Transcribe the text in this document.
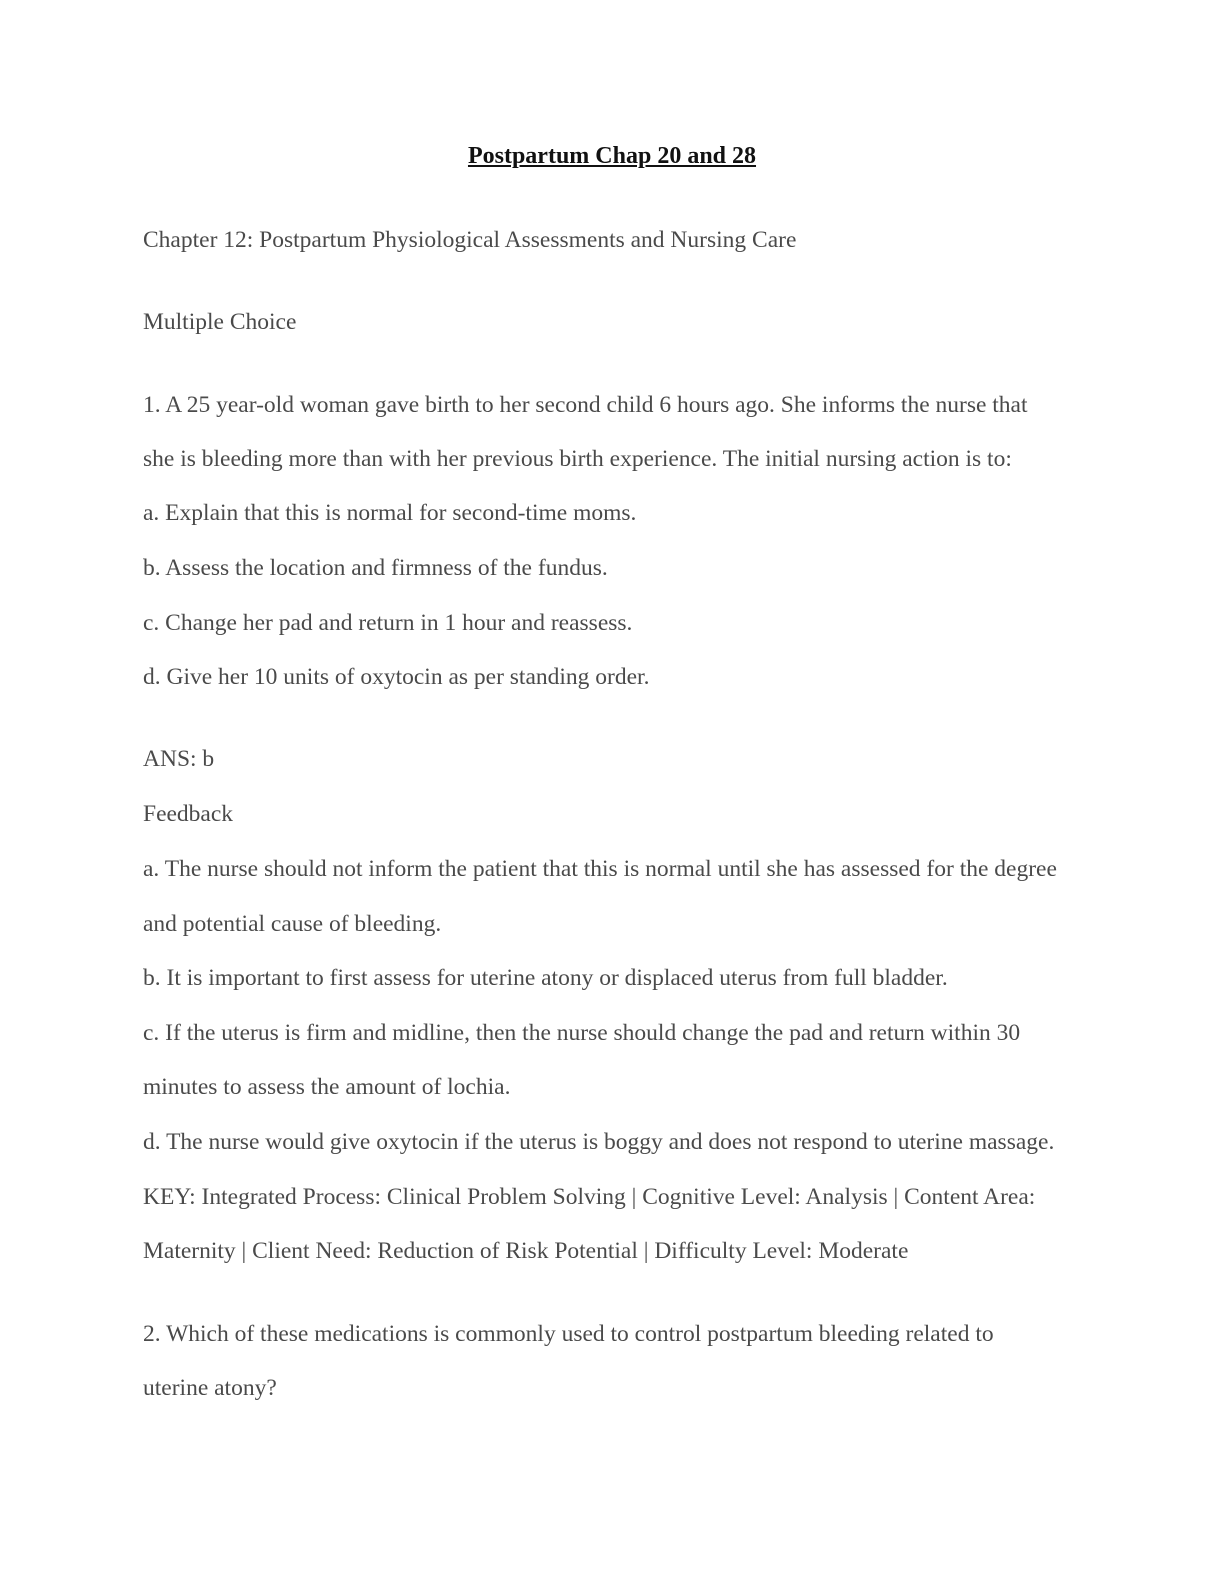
Postpartum Chap 20 and 28

Chapter 12: Postpartum Physiological Assessments and Nursing Care

Multiple Choice

1. A 25 year-old woman gave birth to her second child 6 hours ago. She informs the nurse that

she is bleeding more than with her previous birth experience. The initial nursing action is to:

a. Explain that this is normal for second-time moms.

b. Assess the location and firmness of the fundus.

c. Change her pad and return in 1 hour and reassess.

d. Give her 10 units of oxytocin as per standing order.

ANS: b

Feedback

a. The nurse should not inform the patient that this is normal until she has assessed for the degree

and potential cause of bleeding.

b. It is important to first assess for uterine atony or displaced uterus from full bladder.

c. If the uterus is firm and midline, then the nurse should change the pad and return within 30

minutes to assess the amount of lochia.

d. The nurse would give oxytocin if the uterus is boggy and does not respond to uterine massage.

KEY: Integrated Process: Clinical Problem Solving | Cognitive Level: Analysis | Content Area:

Maternity | Client Need: Reduction of Risk Potential | Difficulty Level: Moderate

2. Which of these medications is commonly used to control postpartum bleeding related to

uterine atony?
